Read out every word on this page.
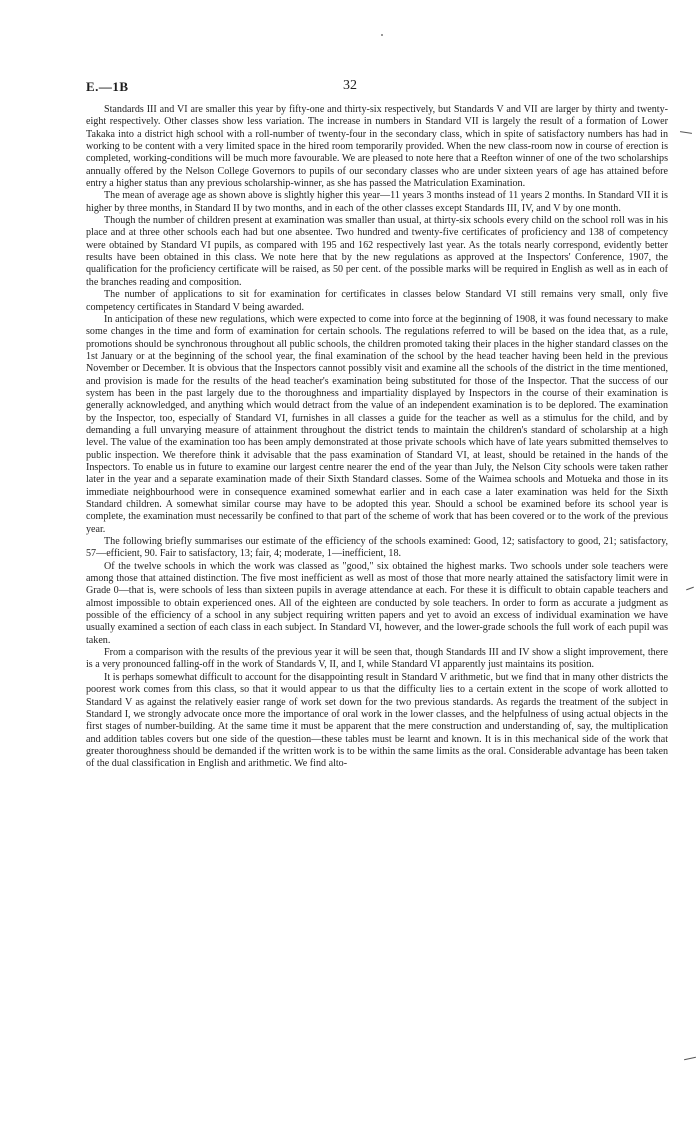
E.—1B	32

Standards III and VI are smaller this year by fifty-one and thirty-six respectively, but Standards V and VII are larger by thirty and twenty-eight respectively. Other classes show less variation. The increase in numbers in Standard VII is largely the result of a formation of Lower Takaka into a district high school with a roll-number of twenty-four in the secondary class, which in spite of satisfactory numbers has had in working to be content with a very limited space in the hired room temporarily provided. When the new class-room now in course of erection is completed, working-conditions will be much more favourable. We are pleased to note here that a Reefton winner of one of the two scholarships annually offered by the Nelson College Governors to pupils of our secondary classes who are under sixteen years of age has attained before entry a higher status than any previous scholarship-winner, as she has passed the Matriculation Examination.

The mean of average age as shown above is slightly higher this year—11 years 3 months instead of 11 years 2 months. In Standard VII it is higher by three months, in Standard II by two months, and in each of the other classes except Standards III, IV, and V by one month.

Though the number of children present at examination was smaller than usual, at thirty-six schools every child on the school roll was in his place and at three other schools each had but one absentee. Two hundred and twenty-five certificates of proficiency and 138 of competency were obtained by Standard VI pupils, as compared with 195 and 162 respectively last year. As the totals nearly correspond, evidently better results have been obtained in this class. We note here that by the new regulations as approved at the Inspectors' Conference, 1907, the qualification for the proficiency certificate will be raised, as 50 per cent. of the possible marks will be required in English as well as in each of the branches reading and composition.

The number of applications to sit for examination for certificates in classes below Standard VI still remains very small, only five competency certificates in Standard V being awarded.

In anticipation of these new regulations, which were expected to come into force at the beginning of 1908, it was found necessary to make some changes in the time and form of examination for certain schools. The regulations referred to will be based on the idea that, as a rule, promotions should be synchronous throughout all public schools, the children promoted taking their places in the higher standard classes on the 1st January or at the beginning of the school year, the final examination of the school by the head teacher having been held in the previous November or December. It is obvious that the Inspectors cannot possibly visit and examine all the schools of the district in the time mentioned, and provision is made for the results of the head teacher's examination being substituted for those of the Inspector. That the success of our system has been in the past largely due to the thoroughness and impartiality displayed by Inspectors in the course of their examination is generally acknowledged, and anything which would detract from the value of an independent examination is to be deplored. The examination by the Inspector, too, especially of Standard VI, furnishes in all classes a guide for the teacher as well as a stimulus for the child, and by demanding a full unvarying measure of attainment throughout the district tends to maintain the children's standard of scholarship at a high level. The value of the examination too has been amply demonstrated at those private schools which have of late years submitted themselves to public inspection. We therefore think it advisable that the pass examination of Standard VI, at least, should be retained in the hands of the Inspectors. To enable us in future to examine our largest centre nearer the end of the year than July, the Nelson City schools were taken rather later in the year and a separate examination made of their Sixth Standard classes. Some of the Waimea schools and Motueka and those in its immediate neighbourhood were in consequence examined somewhat earlier and in each case a later examination was held for the Sixth Standard children. A somewhat similar course may have to be adopted this year. Should a school be examined before its school year is complete, the examination must necessarily be confined to that part of the scheme of work that has been covered or to the work of the previous year.

The following briefly summarises our estimate of the efficiency of the schools examined: Good, 12; satisfactory to good, 21; satisfactory, 57—efficient, 90. Fair to satisfactory, 13; fair, 4; moderate, 1—inefficient, 18.

Of the twelve schools in which the work was classed as "good," six obtained the highest marks. Two schools under sole teachers were among those that attained distinction. The five most inefficient as well as most of those that more nearly attained the satisfactory limit were in Grade 0—that is, were schools of less than sixteen pupils in average attendance at each. For these it is difficult to obtain capable teachers and almost impossible to obtain experienced ones. All of the eighteen are conducted by sole teachers. In order to form as accurate a judgment as possible of the efficiency of a school in any subject requiring written papers and yet to avoid an excess of individual examination we have usually examined a section of each class in each subject. In Standard VI, however, and the lower-grade schools the full work of each pupil was taken.

From a comparison with the results of the previous year it will be seen that, though Standards III and IV show a slight improvement, there is a very pronounced falling-off in the work of Standards V, II, and I, while Standard VI apparently just maintains its position.

It is perhaps somewhat difficult to account for the disappointing result in Standard V arithmetic, but we find that in many other districts the poorest work comes from this class, so that it would appear to us that the difficulty lies to a certain extent in the scope of work allotted to Standard V as against the relatively easier range of work set down for the two previous standards. As regards the treatment of the subject in Standard I, we strongly advocate once more the importance of oral work in the lower classes, and the helpfulness of using actual objects in the first stages of number-building. At the same time it must be apparent that the mere construction and understanding of, say, the multiplication and addition tables covers but one side of the question—these tables must be learnt and known. It is in this mechanical side of the work that greater thoroughness should be demanded if the written work is to be within the same limits as the oral. Considerable advantage has been taken of the dual classification in English and arithmetic. We find alto-
